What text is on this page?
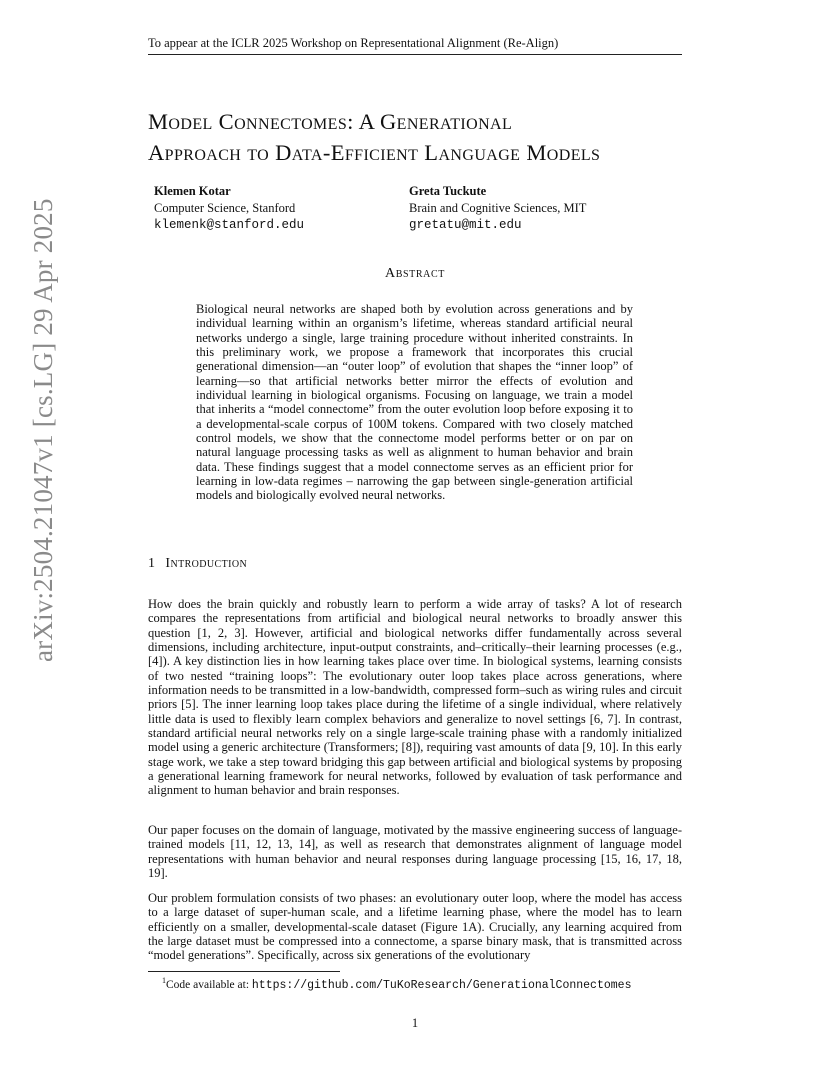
To appear at the ICLR 2025 Workshop on Representational Alignment (Re-Align)
arXiv:2504.21047v1 [cs.LG] 29 Apr 2025
Model Connectomes: A Generational
Approach to Data-Efficient Language Models
Klemen Kotar
Computer Science, Stanford
klemenk@stanford.edu
Greta Tuckute
Brain and Cognitive Sciences, MIT
gretatu@mit.edu
Abstract
Biological neural networks are shaped both by evolution across generations and by individual learning within an organism’s lifetime, whereas standard artificial neural networks undergo a single, large training procedure without inherited constraints. In this preliminary work, we propose a framework that incorporates this crucial generational dimension—an “outer loop” of evolution that shapes the “inner loop” of learning—so that artificial networks better mirror the effects of evolution and individual learning in biological organisms. Focusing on language, we train a model that inherits a “model connectome” from the outer evolution loop before exposing it to a developmental-scale corpus of 100M tokens. Compared with two closely matched control models, we show that the connectome model performs better or on par on natural language processing tasks as well as alignment to human behavior and brain data. These findings suggest that a model connectome serves as an efficient prior for learning in low-data regimes – narrowing the gap between single-generation artificial models and biologically evolved neural networks.
1 Introduction

How does the brain quickly and robustly learn to perform a wide array of tasks? A lot of research compares the representations from artificial and biological neural networks to broadly answer this question [1, 2, 3]. However, artificial and biological networks differ fundamentally across several dimensions, including architecture, input-output constraints, and–critically–their learning processes (e.g., [4]). A key distinction lies in how learning takes place over time. In biological systems, learning consists of two nested “training loops”: The evolutionary outer loop takes place across generations, where information needs to be transmitted in a low-bandwidth, compressed form–such as wiring rules and circuit priors [5]. The inner learning loop takes place during the lifetime of a single individual, where relatively little data is used to flexibly learn complex behaviors and generalize to novel settings [6, 7]. In contrast, standard artificial neural networks rely on a single large-scale training phase with a randomly initialized model using a generic architecture (Transformers; [8]), requiring vast amounts of data [9, 10]. In this early stage work, we take a step toward bridging this gap between artificial and biological systems by proposing a generational learning framework for neural networks, followed by evaluation of task performance and alignment to human behavior and brain responses.

Our paper focuses on the domain of language, motivated by the massive engineering success of language-trained models [11, 12, 13, 14], as well as research that demonstrates alignment of language model representations with human behavior and neural responses during language processing [15, 16, 17, 18, 19].

Our problem formulation consists of two phases: an evolutionary outer loop, where the model has access to a large dataset of super-human scale, and a lifetime learning phase, where the model has to learn efficiently on a smaller, developmental-scale dataset (Figure 1A). Crucially, any learning acquired from the large dataset must be compressed into a connectome, a sparse binary mask, that is transmitted across “model generations”. Specifically, across six generations of the evolutionary

$^1$Code available at: https://github.com/TuKoResearch/GenerationalConnectomes
1
